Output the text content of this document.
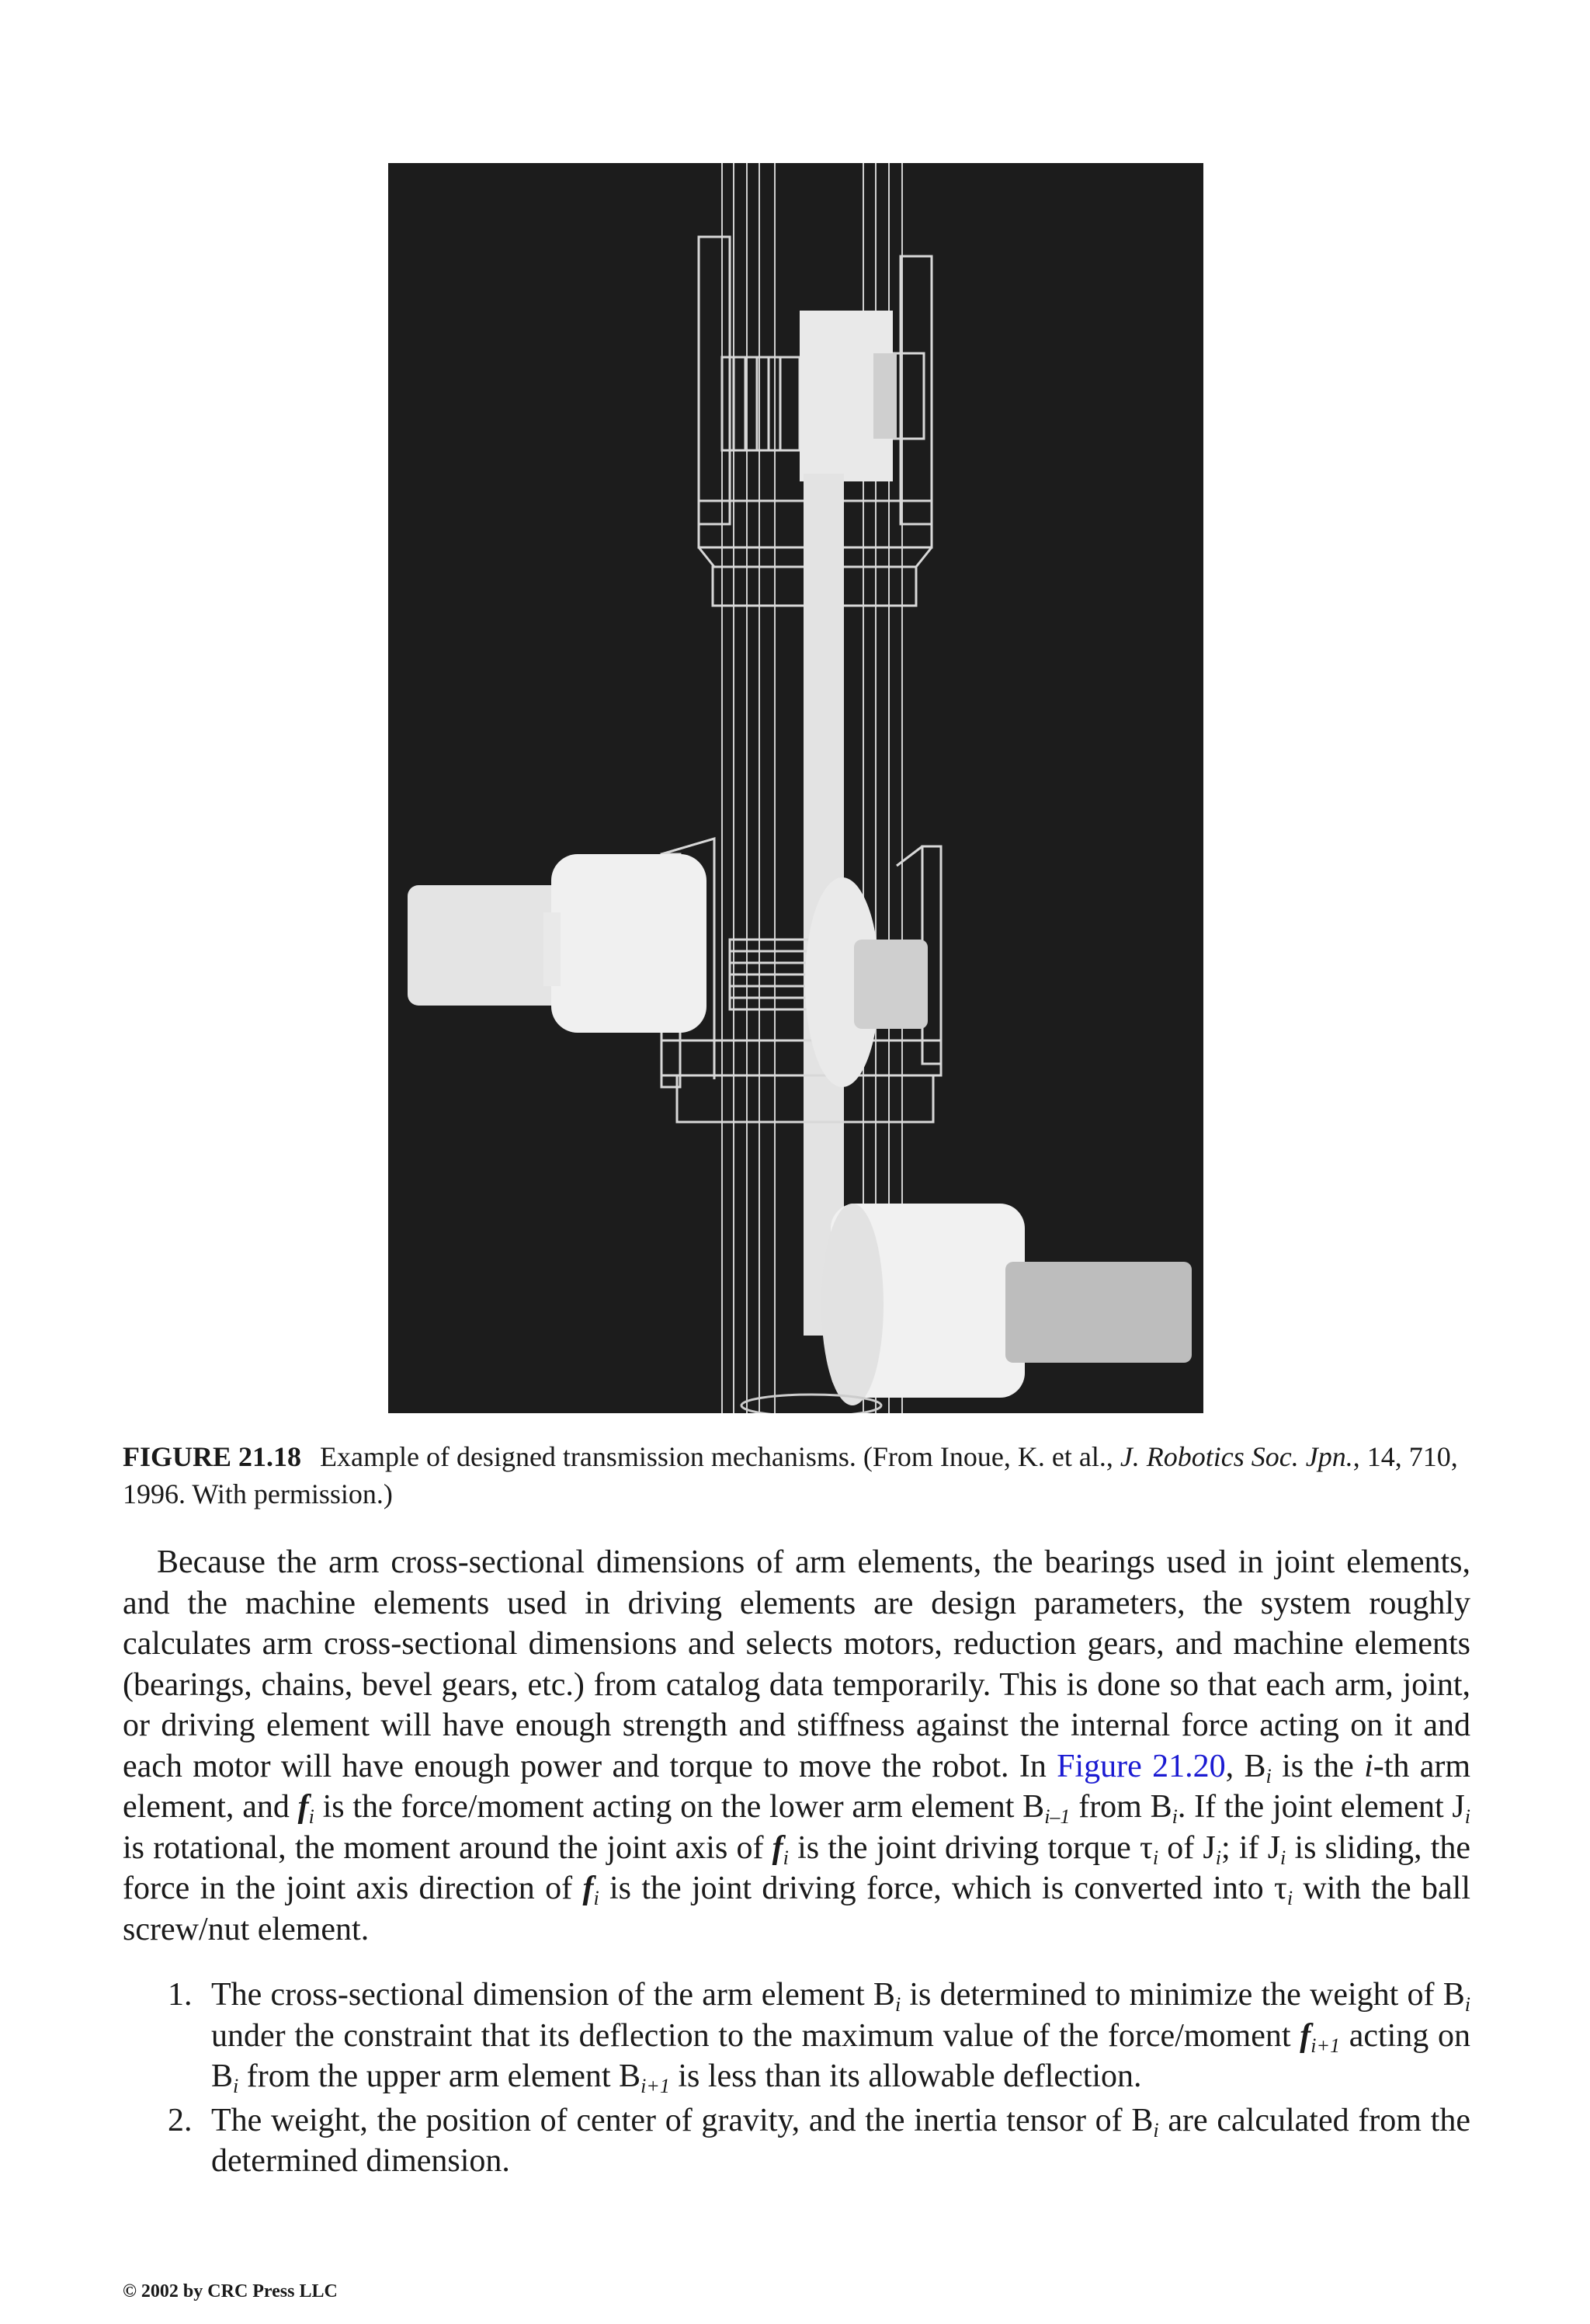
FIGURE 21.18 Example of designed transmission mechanisms. (From Inoue, K. et al., J. Robotics Soc. Jpn., 14, 710, 1996. With permission.)

Because the arm cross-sectional dimensions of arm elements, the bearings used in joint elements, and the machine elements used in driving elements are design parameters, the system roughly calculates arm cross-sectional dimensions and selects motors, reduction gears, and machine elements (bearings, chains, bevel gears, etc.) from catalog data temporarily. This is done so that each arm, joint, or driving element will have enough strength and stiffness against the internal force acting on it and each motor will have enough power and torque to move the robot. In Figure 21.20, $B_i$ is the i-th arm element, and $f_i$ is the force/moment acting on the lower arm element $B_{i-1}$ from $B_i$. If the joint element $J_i$ is rotational, the moment around the joint axis of $f_i$ is the joint driving torque $\tau_i$ of $J_i$; if $J_i$ is sliding, the force in the joint axis direction of $f_i$ is the joint driving force, which is converted into $\tau_i$ with the ball screw/nut element.

1. The cross-sectional dimension of the arm element $B_i$ is determined to minimize the weight of $B_i$ under the constraint that its deflection to the maximum value of the force/moment $f_{i+1}$ acting on $B_i$ from the upper arm element $B_{i+1}$ is less than its allowable deflection.
2. The weight, the position of center of gravity, and the inertia tensor of $B_i$ are calculated from the determined dimension.
© 2002 by CRC Press LLC
